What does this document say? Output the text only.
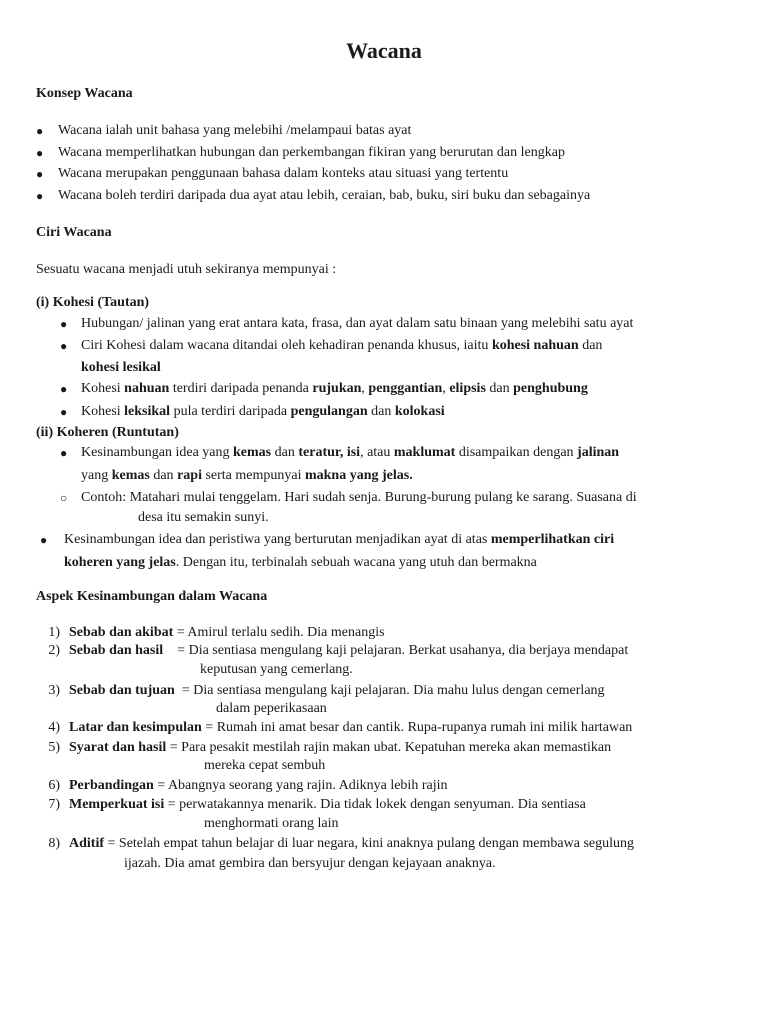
Wacana
Konsep Wacana
● Wacana ialah unit bahasa yang melebihi /melampaui batas ayat
● Wacana memperlihatkan hubungan dan perkembangan fikiran yang berurutan dan lengkap
● Wacana merupakan penggunaan bahasa dalam konteks atau situasi yang tertentu
● Wacana boleh terdiri daripada dua ayat atau lebih, ceraian, bab, buku, siri buku dan sebagainya
Ciri Wacana
Sesuatu wacana menjadi utuh sekiranya mempunyai :
(i) Kohesi (Tautan)
● Hubungan/ jalinan yang erat antara kata, frasa, dan ayat dalam satu binaan yang melebihi satu ayat
● Ciri Kohesi dalam wacana ditandai oleh kehadiran penanda khusus, iaitu kohesi nahuan dan
kohesi lesikal
● Kohesi nahuan terdiri daripada penanda rujukan, penggantian, elipsis dan penghubung
● Kohesi leksikal pula terdiri daripada pengulangan dan kolokasi
(ii) Koheren (Runtutan)
● Kesinambungan idea yang kemas dan teratur, isi, atau maklumat disampaikan dengan jalinan
yang kemas dan rapi serta mempunyai makna yang jelas.
○ Contoh: Matahari mulai tenggelam. Hari sudah senja. Burung-burung pulang ke sarang. Suasana di
desa itu semakin sunyi.
● Kesinambungan idea dan peristiwa yang berturutan menjadikan ayat di atas memperlihatkan ciri
koheren yang jelas. Dengan itu, terbinalah sebuah wacana yang utuh dan bermakna
Aspek Kesinambungan dalam Wacana
1) Sebab dan akibat = Amirul terlalu sedih. Dia menangis
2) Sebab dan hasil    = Dia sentiasa mengulang kaji pelajaran. Berkat usahanya, dia berjaya mendapat
keputusan yang cemerlang.
3) Sebab dan tujuan  = Dia sentiasa mengulang kaji pelajaran. Dia mahu lulus dengan cemerlang
dalam peperikasaan
4) Latar dan kesimpulan = Rumah ini amat besar dan cantik. Rupa-rupanya rumah ini milik hartawan
5) Syarat dan hasil = Para pesakit mestilah rajin makan ubat. Kepatuhan mereka akan memastikan
mereka cepat sembuh
6) Perbandingan = Abangnya seorang yang rajin. Adiknya lebih rajin
7) Memperkuat isi = perwatakannya menarik. Dia tidak lokek dengan senyuman. Dia sentiasa
menghormati orang lain
8) Aditif = Setelah empat tahun belajar di luar negara, kini anaknya pulang dengan membawa segulung
ijazah. Dia amat gembira dan bersyujur dengan kejayaan anaknya.
